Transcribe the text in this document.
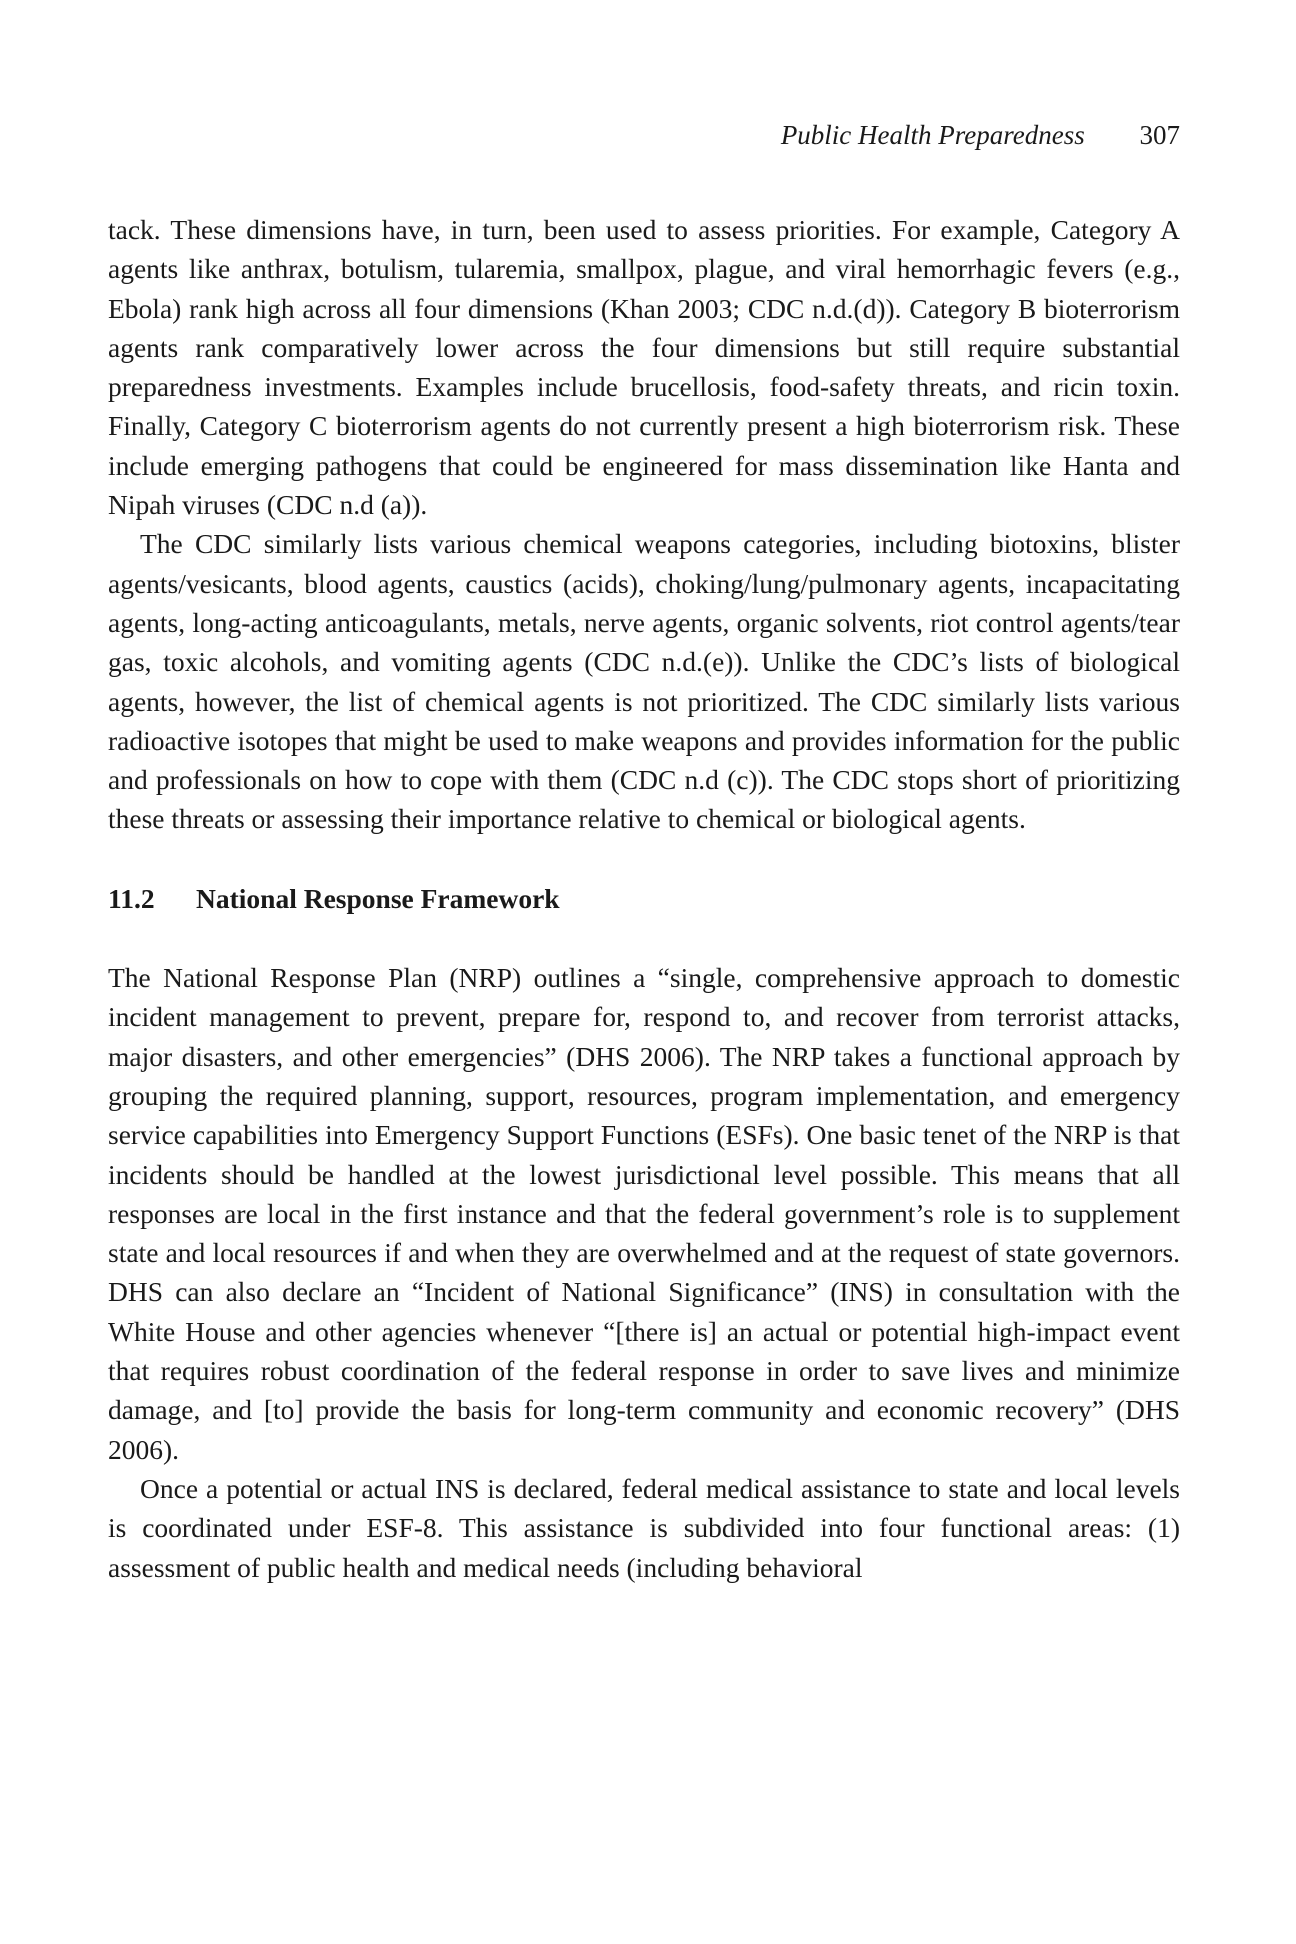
Public Health Preparedness 307

tack. These dimensions have, in turn, been used to assess priorities. For example, Category A agents like anthrax, botulism, tularemia, smallpox, plague, and viral hemorrhagic fevers (e.g., Ebola) rank high across all four dimensions (Khan 2003; CDC n.d.(d)). Category B bioterrorism agents rank comparatively lower across the four dimensions but still require substantial preparedness investments. Examples include brucellosis, food-safety threats, and ricin toxin. Finally, Category C bioterrorism agents do not currently present a high bioterrorism risk. These include emerging pathogens that could be engineered for mass dissemination like Hanta and Nipah viruses (CDC n.d (a)).

The CDC similarly lists various chemical weapons categories, including biotoxins, blister agents/vesicants, blood agents, caustics (acids), choking/lung/pulmonary agents, incapacitating agents, long-acting anticoagulants, metals, nerve agents, organic solvents, riot control agents/tear gas, toxic alcohols, and vomiting agents (CDC n.d.(e)). Unlike the CDC’s lists of biological agents, however, the list of chemical agents is not prioritized. The CDC similarly lists various radioactive isotopes that might be used to make weapons and provides information for the public and professionals on how to cope with them (CDC n.d (c)). The CDC stops short of prioritizing these threats or assessing their importance relative to chemical or biological agents.

11.2 National Response Framework

The National Response Plan (NRP) outlines a “single, comprehensive approach to domestic incident management to prevent, prepare for, respond to, and recover from terrorist attacks, major disasters, and other emergencies” (DHS 2006). The NRP takes a functional approach by grouping the required planning, support, resources, program implementation, and emergency service capabilities into Emergency Support Functions (ESFs). One basic tenet of the NRP is that incidents should be handled at the lowest jurisdictional level possible. This means that all responses are local in the first instance and that the federal government’s role is to supplement state and local resources if and when they are overwhelmed and at the request of state governors. DHS can also declare an “Incident of National Significance” (INS) in consultation with the White House and other agencies whenever “[there is] an actual or potential high-impact event that requires robust coordination of the federal response in order to save lives and minimize damage, and [to] provide the basis for long-term community and economic recovery” (DHS 2006).

Once a potential or actual INS is declared, federal medical assistance to state and local levels is coordinated under ESF-8. This assistance is subdivided into four functional areas: (1) assessment of public health and medical needs (including behavioral
